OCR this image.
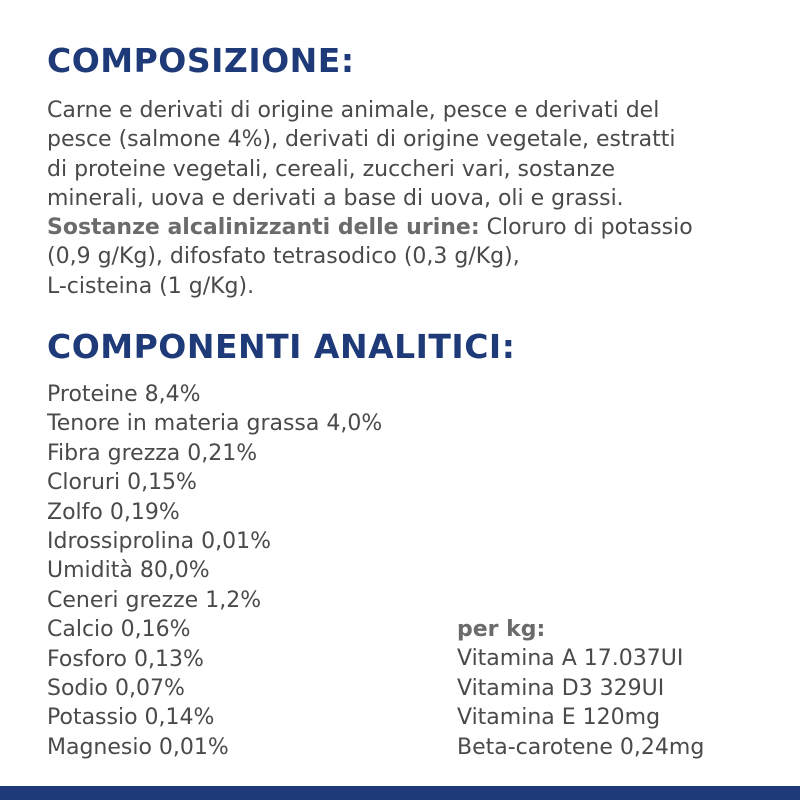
COMPOSIZIONE:
Carne e derivati di origine animale, pesce e derivati del
pesce (salmone 4%), derivati di origine vegetale, estratti
di proteine vegetali, cereali, zuccheri vari, sostanze
minerali, uova e derivati a base di uova, oli e grassi.
Sostanze alcalinizzanti delle urine: Cloruro di potassio
(0,9 g/Kg), difosfato tetrasodico (0,3 g/Kg),
L-cisteina (1 g/Kg).
COMPONENTI ANALITICI:
Proteine 8,4%
Tenore in materia grassa 4,0%
Fibra grezza 0,21%
Cloruri 0,15%
Zolfo 0,19%
Idrossiprolina 0,01%
Umidità 80,0%
Ceneri grezze 1,2%
Calcio 0,16%
Fosforo 0,13%
Sodio 0,07%
Potassio 0,14%
Magnesio 0,01%
per kg:
Vitamina A 17.037UI
Vitamina D3 329UI
Vitamina E 120mg
Beta-carotene 0,24mg
